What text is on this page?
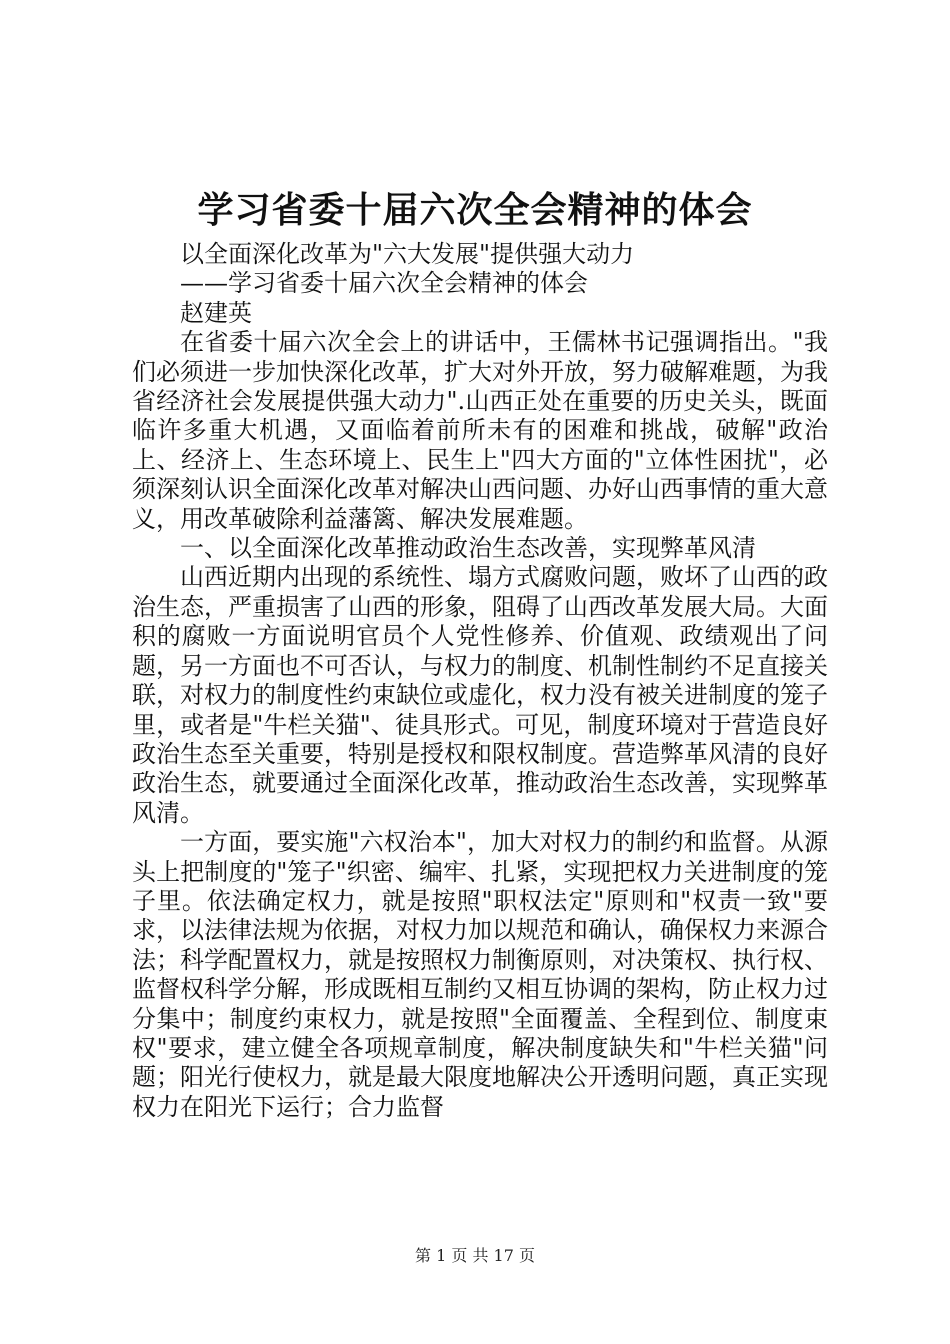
学习省委十届六次全会精神的体会

以全面深化改革为"六大发展"提供强大动力

——学习省委十届六次全会精神的体会

赵建英

在省委十届六次全会上的讲话中，王儒林书记强调指出。"我们必须进一步加快深化改革，扩大对外开放，努力破解难题，为我省经济社会发展提供强大动力".山西正处在重要的历史关头，既面临许多重大机遇，又面临着前所未有的困难和挑战，破解"政治上、经济上、生态环境上、民生上"四大方面的"立体性困扰"，必须深刻认识全面深化改革对解决山西问题、办好山西事情的重大意义，用改革破除利益藩篱、解决发展难题。

一、以全面深化改革推动政治生态改善，实现弊革风清

山西近期内出现的系统性、塌方式腐败问题，败坏了山西的政治生态，严重损害了山西的形象，阻碍了山西改革发展大局。大面积的腐败一方面说明官员个人党性修养、价值观、政绩观出了问题，另一方面也不可否认，与权力的制度、机制性制约不足直接关联，对权力的制度性约束缺位或虚化，权力没有被关进制度的笼子里，或者是"牛栏关猫"、徒具形式。可见，制度环境对于营造良好政治生态至关重要，特别是授权和限权制度。营造弊革风清的良好政治生态，就要通过全面深化改革，推动政治生态改善，实现弊革风清。

一方面，要实施"六权治本"，加大对权力的制约和监督。从源头上把制度的"笼子"织密、编牢、扎紧，实现把权力关进制度的笼子里。依法确定权力，就是按照"职权法定"原则和"权责一致"要求，以法律法规为依据，对权力加以规范和确认，确保权力来源合法；科学配置权力，就是按照权力制衡原则，对决策权、执行权、监督权科学分解，形成既相互制约又相互协调的架构，防止权力过分集中；制度约束权力，就是按照"全面覆盖、全程到位、制度束权"要求，建立健全各项规章制度，解决制度缺失和"牛栏关猫"问题；阳光行使权力，就是最大限度地解决公开透明问题，真正实现权力在阳光下运行；合力监督

第 1 页 共 17 页
